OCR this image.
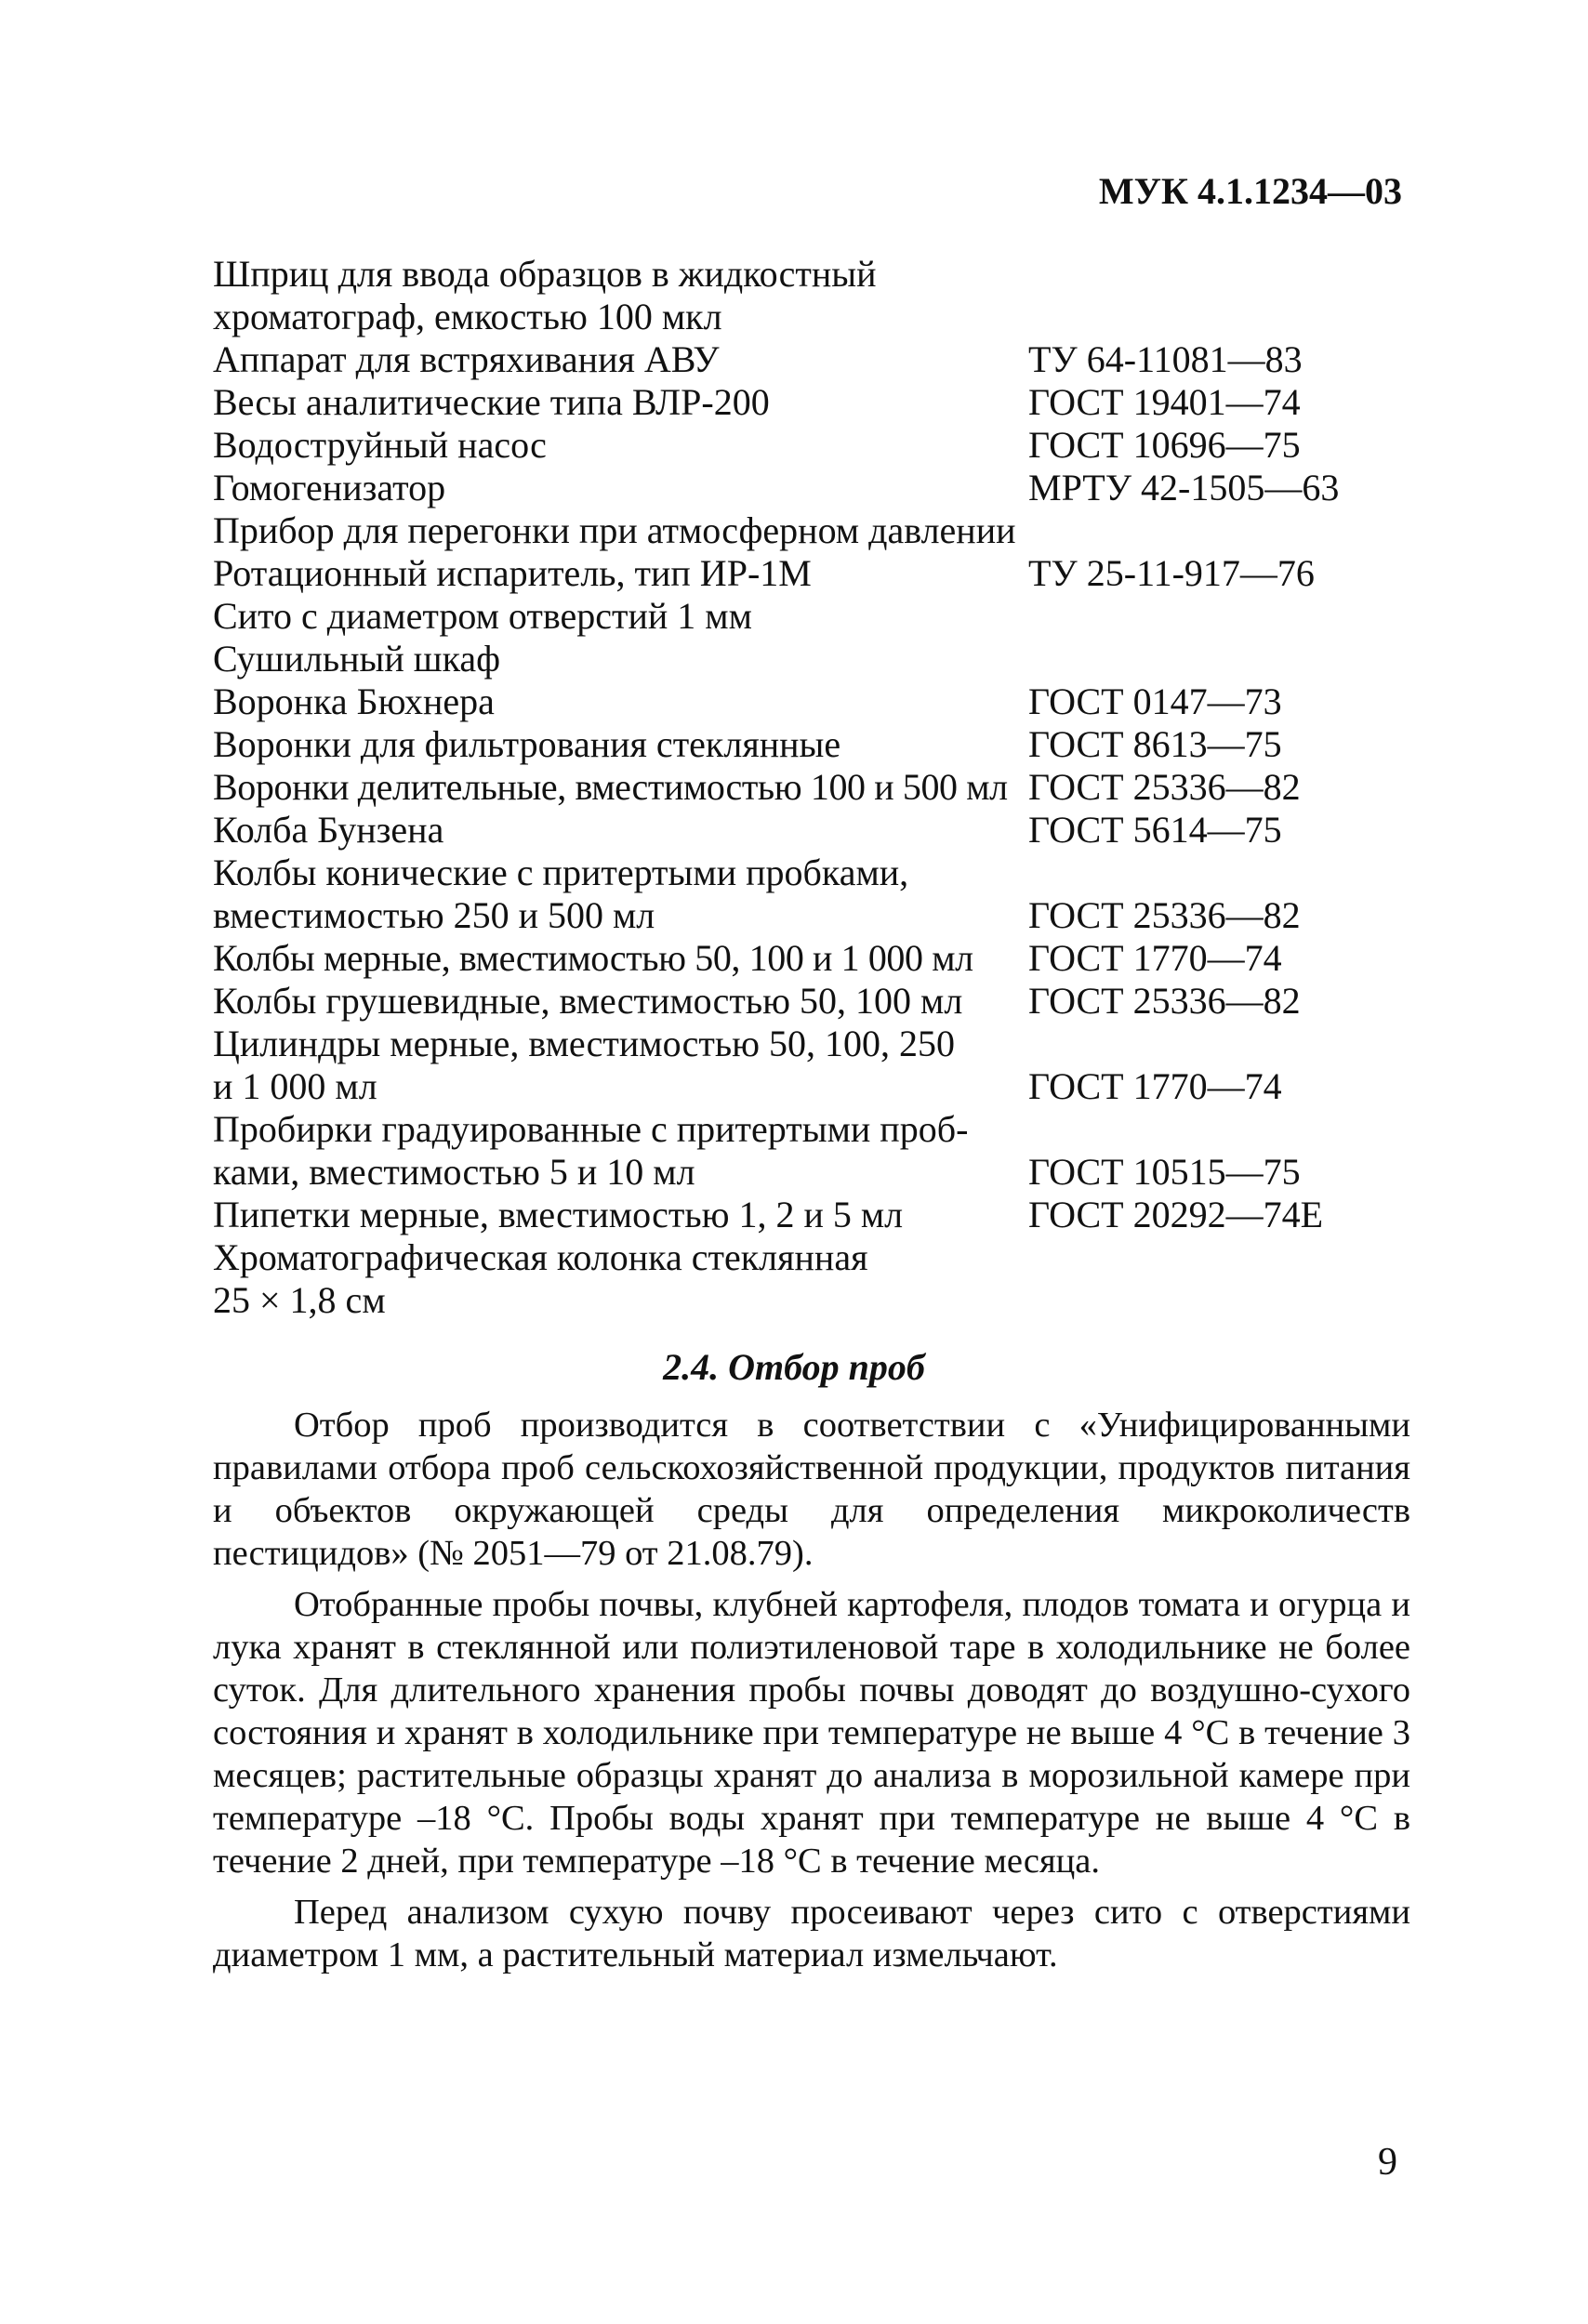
МУК 4.1.1234—03
Шприц для ввода образцов в жидкостный
хроматограф, емкостью 100 мкл
Аппарат для встряхивания АВУ	ТУ 64-11081—83
Весы аналитические типа ВЛР-200	ГОСТ 19401—74
Водоструйный насос	ГОСТ 10696—75
Гомогенизатор	МРТУ 42-1505—63
Прибор для перегонки при атмосферном давлении
Ротационный испаритель, тип ИР-1М	ТУ 25-11-917—76
Сито с диаметром отверстий 1 мм
Сушильный шкаф
Воронка Бюхнера	ГОСТ 0147—73
Воронки для фильтрования стеклянные	ГОСТ 8613—75
Воронки делительные, вместимостью 100 и 500 мл ГОСТ 25336—82
Колба Бунзена	ГОСТ 5614—75
Колбы конические с притертыми пробками,
вместимостью 250 и 500 мл	ГОСТ 25336—82
Колбы мерные, вместимостью 50, 100 и 1 000 мл	ГОСТ 1770—74
Колбы грушевидные, вместимостью 50, 100 мл	ГОСТ 25336—82
Цилиндры мерные, вместимостью 50, 100, 250
и 1 000 мл	ГОСТ 1770—74
Пробирки градуированные с притертыми проб-
ками, вместимостью 5 и 10 мл	ГОСТ 10515—75
Пипетки мерные, вместимостью 1, 2 и 5 мл	ГОСТ 20292—74Е
Хроматографическая колонка стеклянная
25 × 1,8 см
2.4. Отбор проб

Отбор проб производится в соответствии с «Унифицированными правилами отбора проб сельскохозяйственной продукции, продуктов питания и объектов окружающей среды для определения микроколичеств пестицидов» (№ 2051—79 от 21.08.79).

Отобранные пробы почвы, клубней картофеля, плодов томата и огурца и лука хранят в стеклянной или полиэтиленовой таре в холодильнике не более суток. Для длительного хранения пробы почвы доводят до воздушно-сухого состояния и хранят в холодильнике при температуре не выше 4 °С в течение 3 месяцев; растительные образцы хранят до анализа в морозильной камере при температуре –18 °С. Пробы воды хранят при температуре не выше 4 °С в течение 2 дней, при температуре –18 °С в течение месяца.

Перед анализом сухую почву просеивают через сито с отверстиями диаметром 1 мм, а растительный материал измельчают.

9
